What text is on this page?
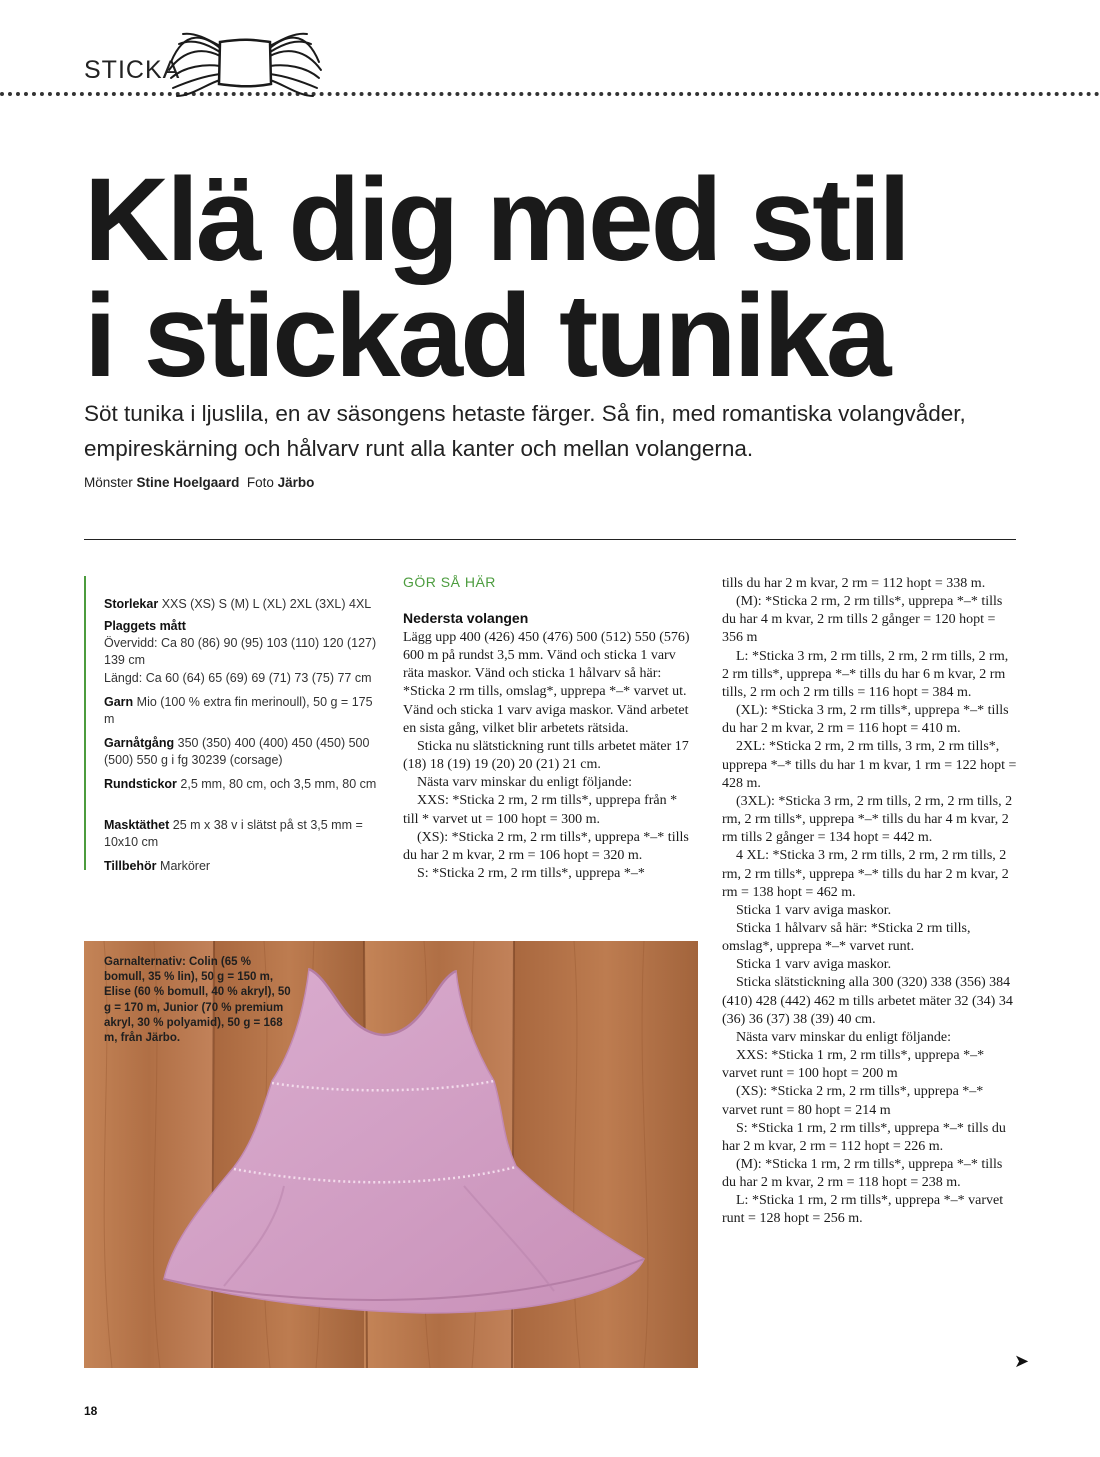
STICKA
Klä dig med stil
i stickad tunika
Söt tunika i ljuslila, en av säsongens hetaste färger. Så fin, med romantiska volangvåder, empireskärning och hålvarv runt alla kanter och mellan volangerna.
Mönster Stine Hoelgaard Foto Järbo
Storlekar XXS (XS) S (M) L (XL) 2XL (3XL) 4XL
Plaggets mått
Övervidd: Ca 80 (86) 90 (95) 103 (110) 120 (127) 139 cm
Längd: Ca 60 (64) 65 (69) 69 (71) 73 (75) 77 cm
Garn Mio (100 % extra fin merinoull), 50 g = 175 m
Garnåtgång 350 (350) 400 (400) 450 (450) 500 (500) 550 g i fg 30239 (corsage)
Rundstickor 2,5 mm, 80 cm, och 3,5 mm, 80 cm
Masktäthet 25 m x 38 v i slätst på st 3,5 mm = 10x10 cm
Tillbehör Markörer
Garnalternativ: Colin (65 % bomull, 35 % lin), 50 g = 150 m, Elise (60 % bomull, 40 % akryl), 50 g = 170 m, Junior (70 % premium akryl, 30 % polyamid), 50 g = 168 m, från Järbo.
GÖR SÅ HÄR
Nedersta volangen

Lägg upp 400 (426) 450 (476) 500 (512) 550 (576) 600 m på rundst 3,5 mm. Vänd och sticka 1 varv räta maskor. Vänd och sticka 1 hålvarv så här: *Sticka 2 rm tills, omslag*, upprepa *–* varvet ut. Vänd och sticka 1 varv aviga maskor. Vänd arbetet en sista gång, vilket blir arbetets rätsida.

Sticka nu slätstickning runt tills arbetet mäter 17 (18) 18 (19) 19 (20) 20 (21) 21 cm.

Nästa varv minskar du enligt följande:

XXS: *Sticka 2 rm, 2 rm tills*, upprepa från * till * varvet ut = 100 hopt = 300 m.

(XS): *Sticka 2 rm, 2 rm tills*, upprepa *–* tills du har 2 m kvar, 2 rm = 106 hopt = 320 m.

S: *Sticka 2 rm, 2 rm tills*, upprepa *–*

tills du har 2 m kvar, 2 rm = 112 hopt = 338 m.

(M): *Sticka 2 rm, 2 rm tills*, upprepa *–* tills du har 4 m kvar, 2 rm tills 2 gånger = 120 hopt = 356 m

L: *Sticka 3 rm, 2 rm tills, 2 rm, 2 rm tills, 2 rm, 2 rm tills*, upprepa *–* tills du har 6 m kvar, 2 rm tills, 2 rm och 2 rm tills = 116 hopt = 384 m.

(XL): *Sticka 3 rm, 2 rm tills*, upprepa *–* tills du har 2 m kvar, 2 rm = 116 hopt = 410 m.

2XL: *Sticka 2 rm, 2 rm tills, 3 rm, 2 rm tills*, upprepa *–* tills du har 1 m kvar, 1 rm = 122 hopt = 428 m.

(3XL): *Sticka 3 rm, 2 rm tills, 2 rm, 2 rm tills, 2 rm, 2 rm tills*, upprepa *–* tills du har 4 m kvar, 2 rm tills 2 gånger = 134 hopt = 442 m.

4 XL: *Sticka 3 rm, 2 rm tills, 2 rm, 2 rm tills, 2 rm, 2 rm tills*, upprepa *–* tills du har 2 m kvar, 2 rm = 138 hopt = 462 m.

Sticka 1 varv aviga maskor.

Sticka 1 hålvarv så här: *Sticka 2 rm tills, omslag*, upprepa *–* varvet runt.

Sticka 1 varv aviga maskor.

Sticka slätstickning alla 300 (320) 338 (356) 384 (410) 428 (442) 462 m tills arbetet mäter 32 (34) 34 (36) 36 (37) 38 (39) 40 cm.

Nästa varv minskar du enligt följande:

XXS: *Sticka 1 rm, 2 rm tills*, upprepa *–* varvet runt = 100 hopt = 200 m

(XS): *Sticka 2 rm, 2 rm tills*, upprepa *–* varvet runt = 80 hopt = 214 m

S: *Sticka 1 rm, 2 rm tills*, upprepa *–* tills du har 2 m kvar, 2 rm = 112 hopt = 226 m.

(M): *Sticka 1 rm, 2 rm tills*, upprepa *–* tills du har 2 m kvar, 2 rm = 118 hopt = 238 m.

L: *Sticka 1 rm, 2 rm tills*, upprepa *–* varvet runt = 128 hopt = 256 m.

➤
18
